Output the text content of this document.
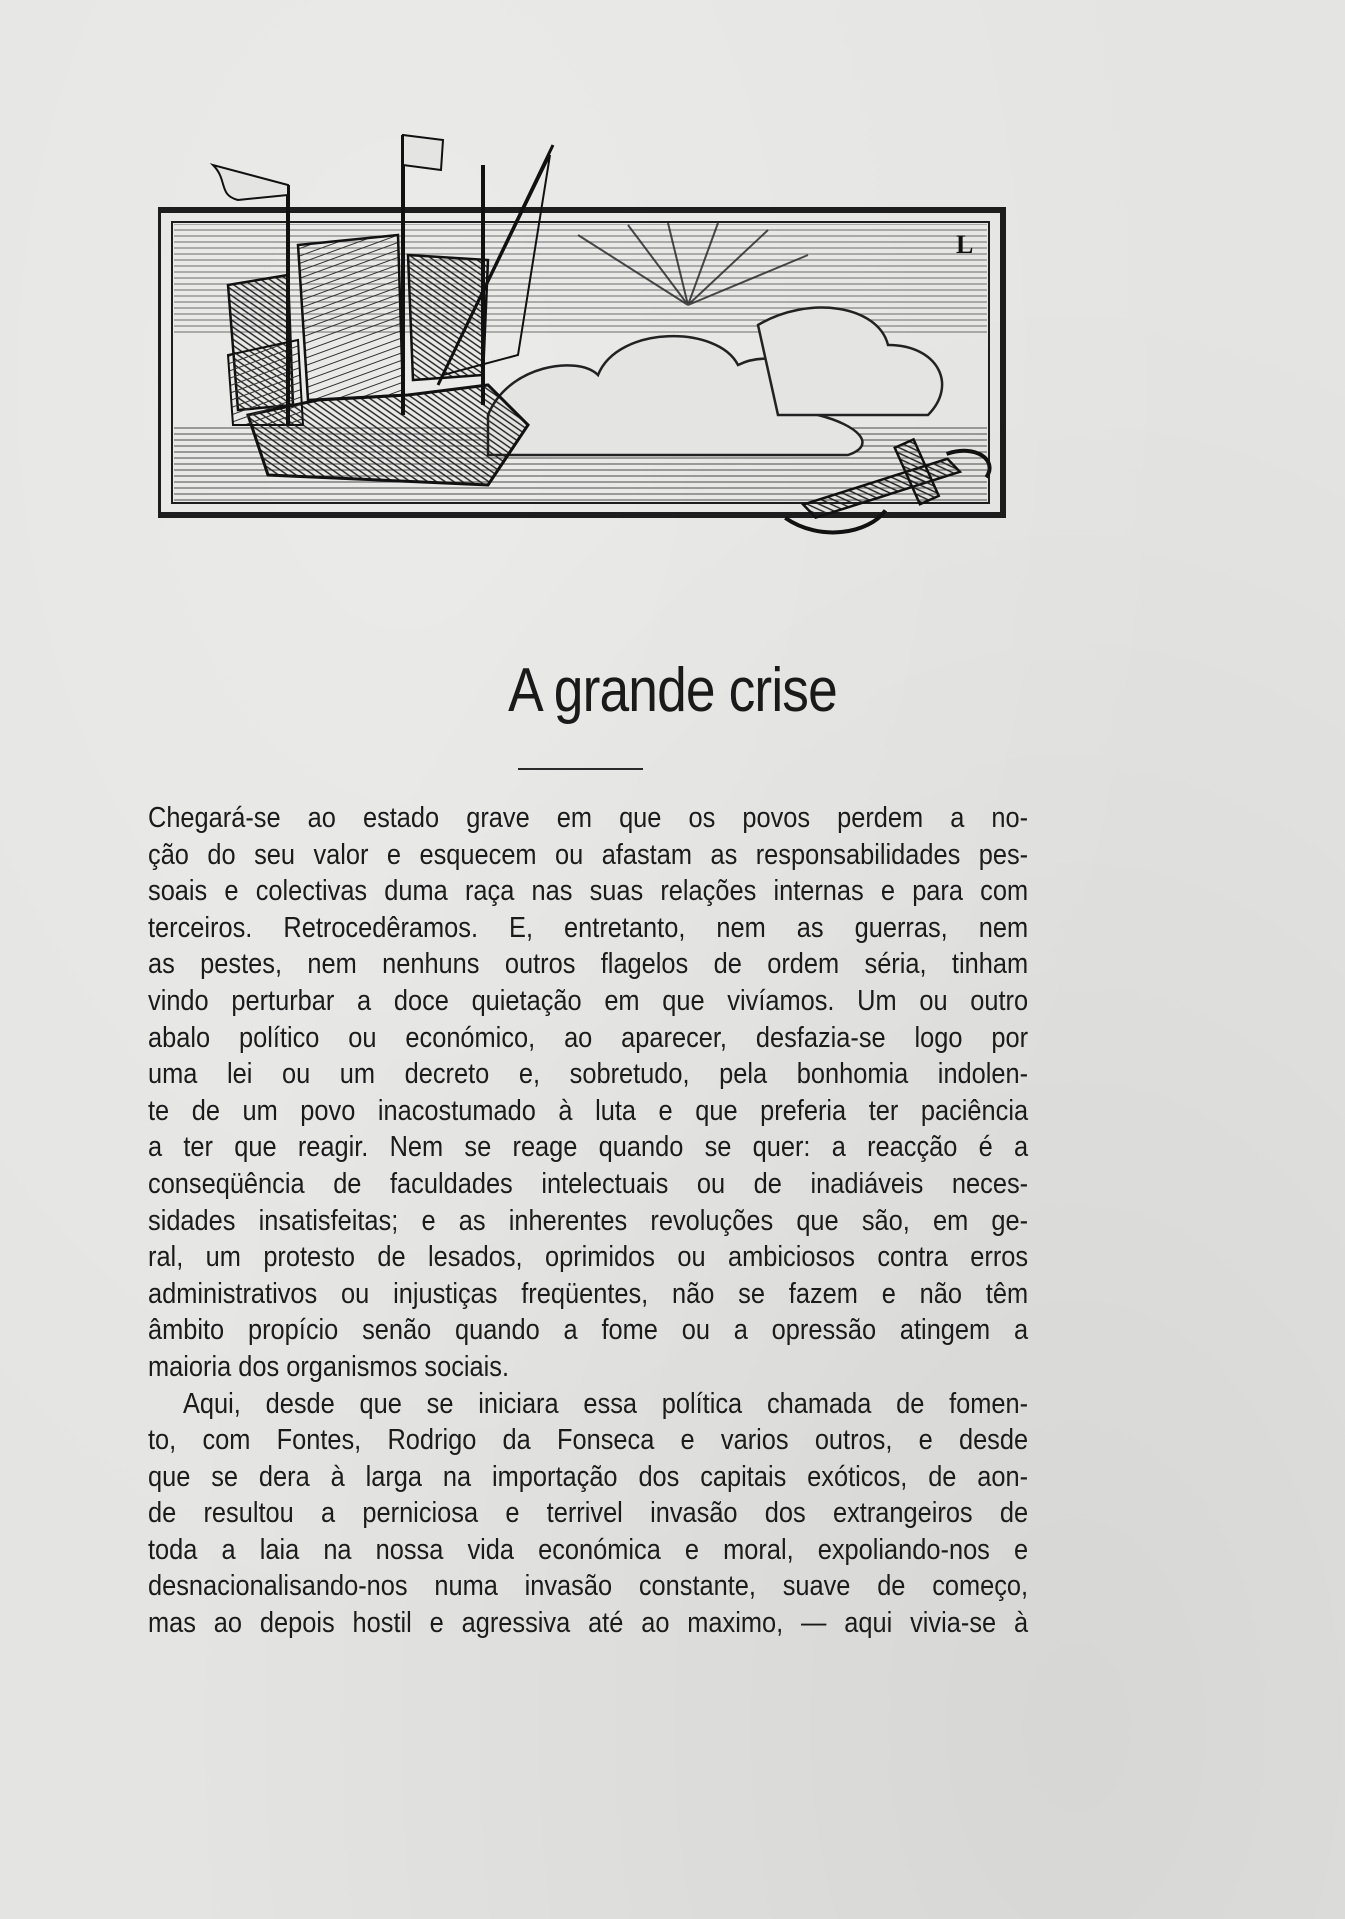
L
A grande crise
Chegará-se ao estado grave em que os povos perdem a no-
ção do seu valor e esquecem ou afastam as responsabilidades pes-
soais e colectivas duma raça nas suas relações internas e para com
terceiros. Retrocedêramos. E, entretanto, nem as guerras, nem
as pestes, nem nenhuns outros flagelos de ordem séria, tinham
vindo perturbar a doce quietação em que vivíamos. Um ou outro
abalo político ou económico, ao aparecer, desfazia-se logo por
uma lei ou um decreto e, sobretudo, pela bonhomia indolen-
te de um povo inacostumado à luta e que preferia ter paciência
a ter que reagir. Nem se reage quando se quer: a reacção é a
conseqüência de faculdades intelectuais ou de inadiáveis neces-
sidades insatisfeitas; e as inherentes revoluções que são, em ge-
ral, um protesto de lesados, oprimidos ou ambiciosos contra erros
administrativos ou injustiças freqüentes, não se fazem e não têm
âmbito propício senão quando a fome ou a opressão atingem a
maioria dos organismos sociais.
Aqui, desde que se iniciara essa política chamada de fomen-
to, com Fontes, Rodrigo da Fonseca e varios outros, e desde
que se dera à larga na importação dos capitais exóticos, de aon-
de resultou a perniciosa e terrivel invasão dos extrangeiros de
toda a laia na nossa vida económica e moral, expoliando-nos e
desnacionalisando-nos numa invasão constante, suave de começo,
mas ao depois hostil e agressiva até ao maximo, — aqui vivia-se à
